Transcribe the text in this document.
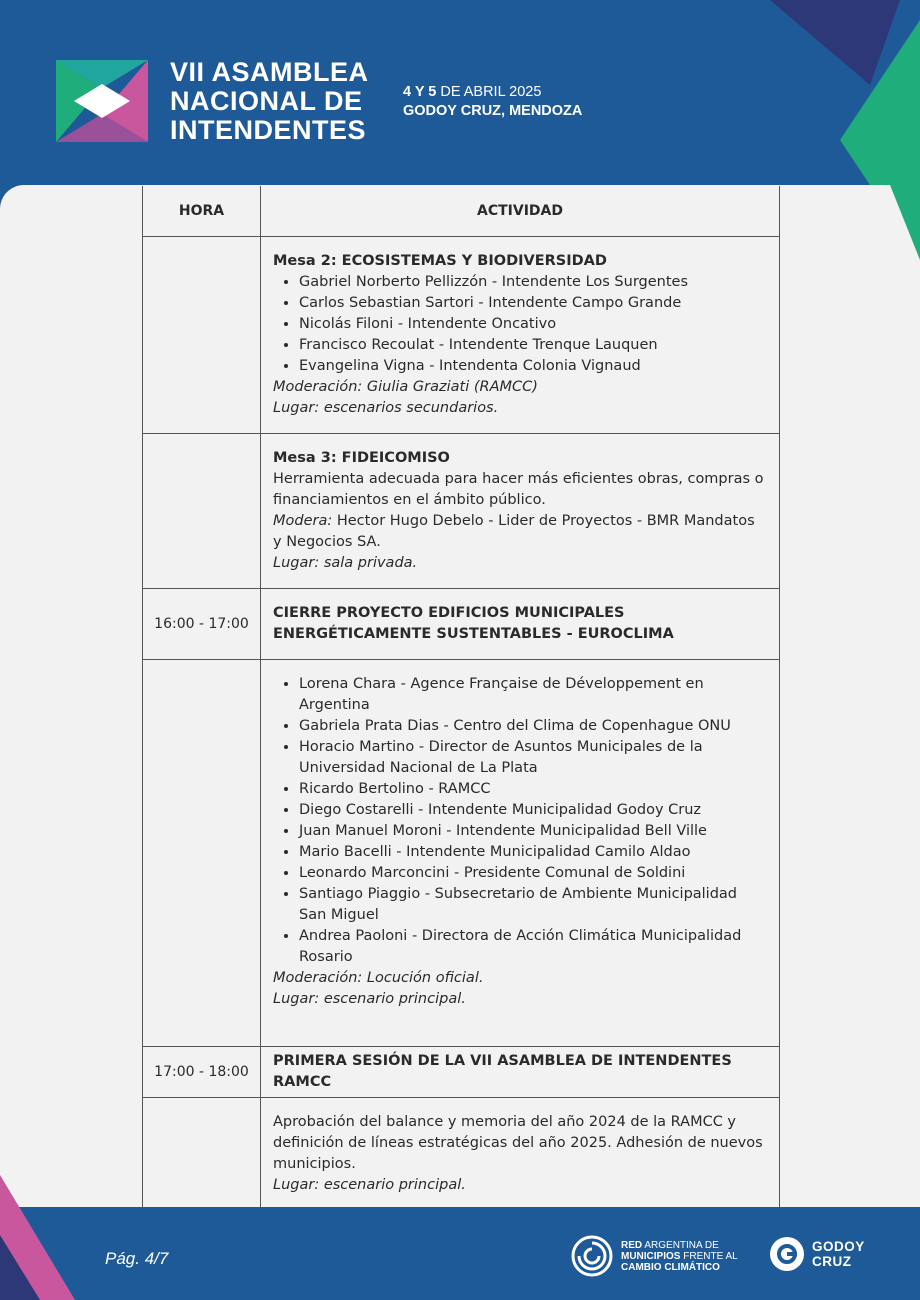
VII ASAMBLEA
NACIONAL DE
INTENDENTES
4 Y 5 DE ABRIL 2025
GODOY CRUZ, MENDOZA
HORA	ACTIVIDAD
Mesa 2: ECOSISTEMAS Y BIODIVERSIDAD
• Gabriel Norberto Pellizzón - Intendente Los Surgentes
• Carlos Sebastian Sartori - Intendente Campo Grande
• Nicolás Filoni - Intendente Oncativo
• Francisco Recoulat - Intendente Trenque Lauquen
• Evangelina Vigna - Intendenta Colonia Vignaud
Moderación: Giulia Graziati (RAMCC)
Lugar: escenarios secundarios.
Mesa 3: FIDEICOMISO
Herramienta adecuada para hacer más eficientes obras, compras o financiamientos en el ámbito público.
Modera: Hector Hugo Debelo - Lider de Proyectos - BMR Mandatos y Negocios SA.
Lugar: sala privada.
16:00 - 17:00
CIERRE PROYECTO EDIFICIOS MUNICIPALES ENERGÉTICAMENTE SUSTENTABLES - EUROCLIMA
• Lorena Chara - Agence Française de Développement en Argentina
• Gabriela Prata Dias - Centro del Clima de Copenhague ONU
• Horacio Martino - Director de Asuntos Municipales de la Universidad Nacional de La Plata
• Ricardo Bertolino - RAMCC
• Diego Costarelli - Intendente Municipalidad Godoy Cruz
• Juan Manuel Moroni - Intendente Municipalidad Bell Ville
• Mario Bacelli - Intendente Municipalidad Camilo Aldao
• Leonardo Marconcini - Presidente Comunal de Soldini
• Santiago Piaggio - Subsecretario de Ambiente Municipalidad San Miguel
• Andrea Paoloni - Directora de Acción Climática Municipalidad Rosario
Moderación: Locución oficial.
Lugar: escenario principal.
17:00 - 18:00
PRIMERA SESIÓN DE LA VII ASAMBLEA DE INTENDENTES RAMCC
Aprobación del balance y memoria del año 2024 de la RAMCC y definición de líneas estratégicas del año 2025. Adhesión de nuevos municipios.
Lugar: escenario principal.
Pág. 4/7
RED ARGENTINA DE
MUNICIPIOS FRENTE AL
CAMBIO CLIMÁTICO
GODOY
CRUZ
